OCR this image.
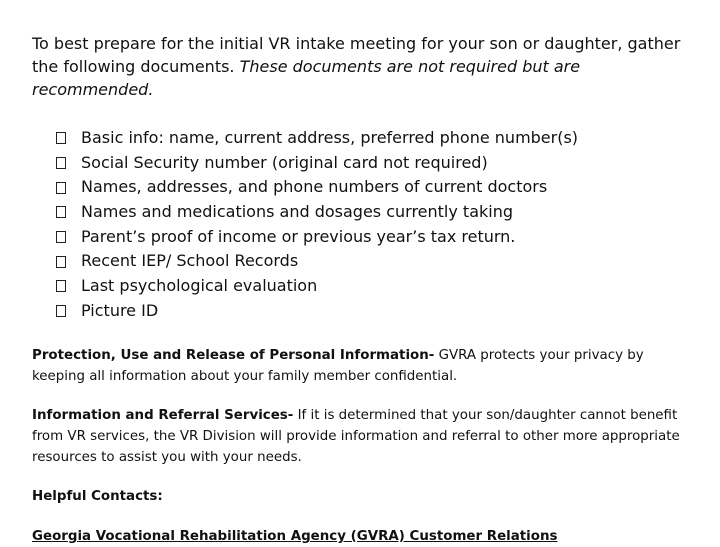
To best prepare for the initial VR intake meeting for your son or daughter, gather the following documents. These documents are not required but are recommended.

Basic info: name, current address, preferred phone number(s)
Social Security number (original card not required)
Names, addresses, and phone numbers of current doctors
Names and medications and dosages currently taking
Parent’s proof of income or previous year’s tax return.
Recent IEP/ School Records
Last psychological evaluation
Picture ID

Protection, Use and Release of Personal Information- GVRA protects your privacy by keeping all information about your family member confidential.

Information and Referral Services- If it is determined that your son/daughter cannot benefit from VR services, the VR Division will provide information and referral to other more appropriate resources to assist you with your needs.

Helpful Contacts:

Georgia Vocational Rehabilitation Agency (GVRA) Customer Relations
